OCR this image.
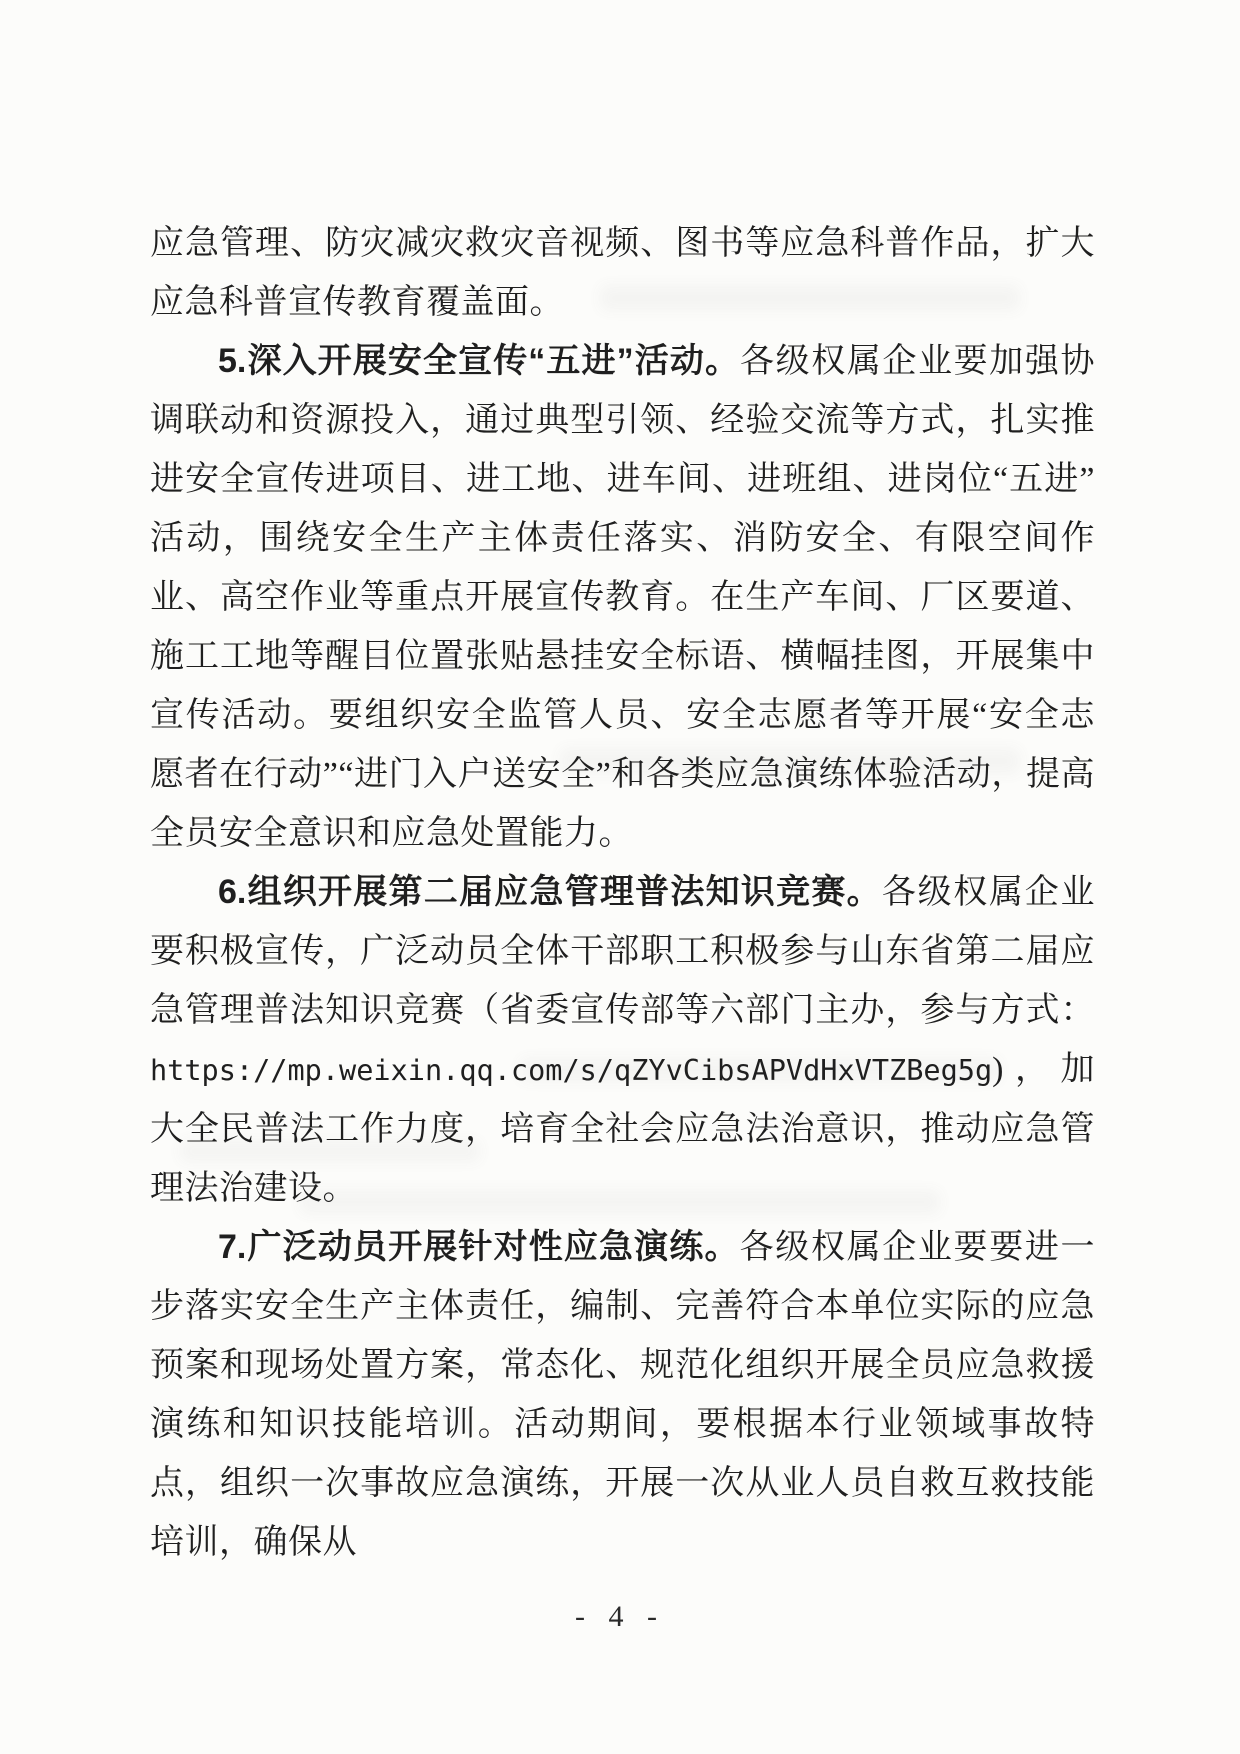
应急管理、防灾减灾救灾音视频、图书等应急科普作品，扩大应急科普宣传教育覆盖面。

5.深入开展安全宣传“五进”活动。各级权属企业要加强协调联动和资源投入，通过典型引领、经验交流等方式，扎实推进安全宣传进项目、进工地、进车间、进班组、进岗位“五进”活动，围绕安全生产主体责任落实、消防安全、有限空间作业、高空作业等重点开展宣传教育。在生产车间、厂区要道、施工工地等醒目位置张贴悬挂安全标语、横幅挂图，开展集中宣传活动。要组织安全监管人员、安全志愿者等开展“安全志愿者在行动”“进门入户送安全”和各类应急演练体验活动，提高全员安全意识和应急处置能力。

6.组织开展第二届应急管理普法知识竞赛。各级权属企业要积极宣传，广泛动员全体干部职工积极参与山东省第二届应急管理普法知识竞赛（省委宣传部等六部门主办，参与方式：https://mp.weixin.qq.com/s/qZYvCibsAPVdHxVTZBeg5g)，加大全民普法工作力度，培育全社会应急法治意识，推动应急管理法治建设。

7.广泛动员开展针对性应急演练。各级权属企业要要进一步落实安全生产主体责任，编制、完善符合本单位实际的应急预案和现场处置方案，常态化、规范化组织开展全员应急救援演练和知识技能培训。活动期间，要根据本行业领域事故特点，组织一次事故应急演练，开展一次从业人员自救互救技能培训，确保从

- 4 -
